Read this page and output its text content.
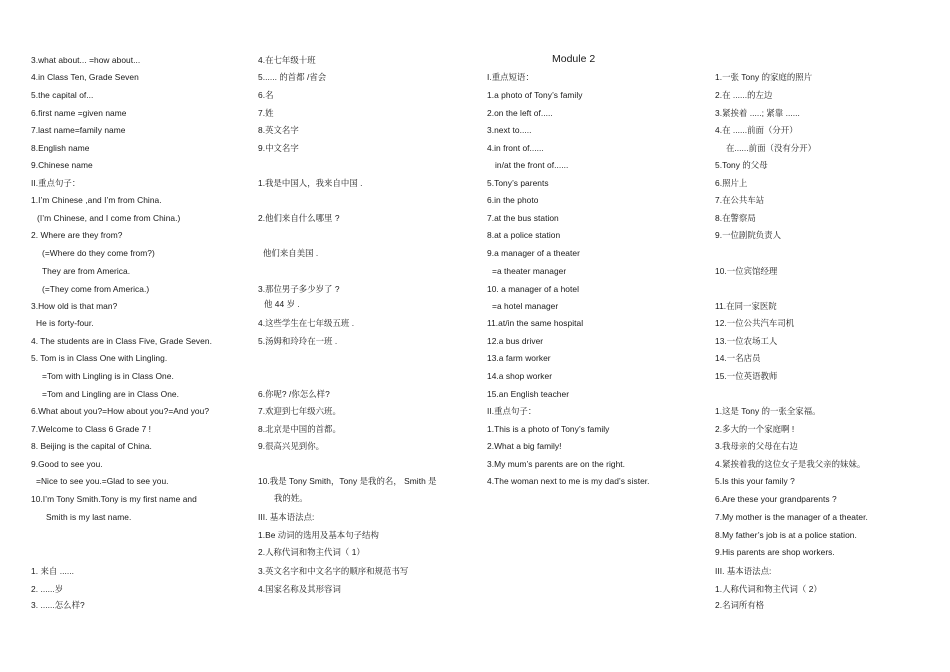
Module 2
3.what about... =how about...
4.in Class Ten, Grade Seven
5.the capital of...
6.first name =given name
7.last name=family name
8.English name
9.Chinese name
II.重点句子：
1.I’m Chinese ,and I’m from China.
(I’m Chinese, and I come from China.)
2. Where are they from?
(=Where do they come from?)
They are from America.
(=They come from America.)
3.How old is that man?
He is forty-four.
4. The students are in Class Five, Grade Seven.
5. Tom is in Class One with Lingling.
=Tom with Lingling is in Class One.
=Tom and Lingling are in Class One.
6.What about you?=How about you?=And you?
7.Welcome to Class 6 Grade 7 !
8. Beijing is the capital of China.
9.Good to see you.
=Nice to see you.=Glad to see you.
10.I’m Tony Smith.Tony is my first name and
Smith is my last name.
1. 来自 ......
2. ......岁
3. ......怎么样?
4.在七年级十班
5...... 的首都 /省会
6.名
7.姓
8.英文名字
9.中文名字
1.我是中国人，我来自中国 .
2.他们来自什么哪里 ?
他们来自美国 .
3.那位男子多少岁了 ?
他 44 岁 .
4.这些学生在七年级五班 .
5.汤姆和玲玲在一班 .
6.你呢? /你怎么样?
7.欢迎到七年级六班。
8.北京是中国的首都。
9.很高兴见到你。
10.我是 Tony Smith，Tony 是我的名， Smith 是
我的姓。
III. 基本语法点:
1.Be 动词的选用及基本句子结构
2.人称代词和物主代词（ 1）
3.英文名字和中文名字的顺序和规范书写
4.国家名称及其形容词
I.重点短语：
1.a photo of Tony’s family
2.on the left of.....
3.next to.....
4.in front of......
in/at the front of......
5.Tony’s parents
6.in the photo
7.at the bus station
8.at a police station
9.a manager of a theater
=a theater manager
10. a manager of a hotel
=a hotel manager
11.at/in the same hospital
12.a bus driver
13.a farm worker
14.a shop worker
15.an English teacher
II.重点句子：
1.This is a photo of Tony’s family
2.What a big family!
3.My mum’s parents are on the right.
4.The woman next to me is my dad’s sister.
1.一张 Tony 的家庭的照片
2.在 ......的左边
3.紧挨着 .....; 紧靠 ......
4.在 ......前面（分开）
在......前面（没有分开）
5.Tony 的父母
6.照片上
7.在公共车站
8.在警察局
9.一位剧院负责人
10.一位宾馆经理
11.在同一家医院
12.一位公共汽车司机
13.一位农场工人
14.一名店员
15.一位英语教师
1.这是 Tony 的一张全家福。
2.多大的一个家庭啊 !
3.我母亲的父母在右边
4.紧挨着我的这位女子是我父亲的妹妹。
5.Is this your family ?
6.Are these your grandparents ?
7.My mother is the manager of a theater.
8.My father’s job is at a police station.
9.His parents are shop workers.
III. 基本语法点:
1.人称代词和物主代词（ 2）
2.名词所有格
